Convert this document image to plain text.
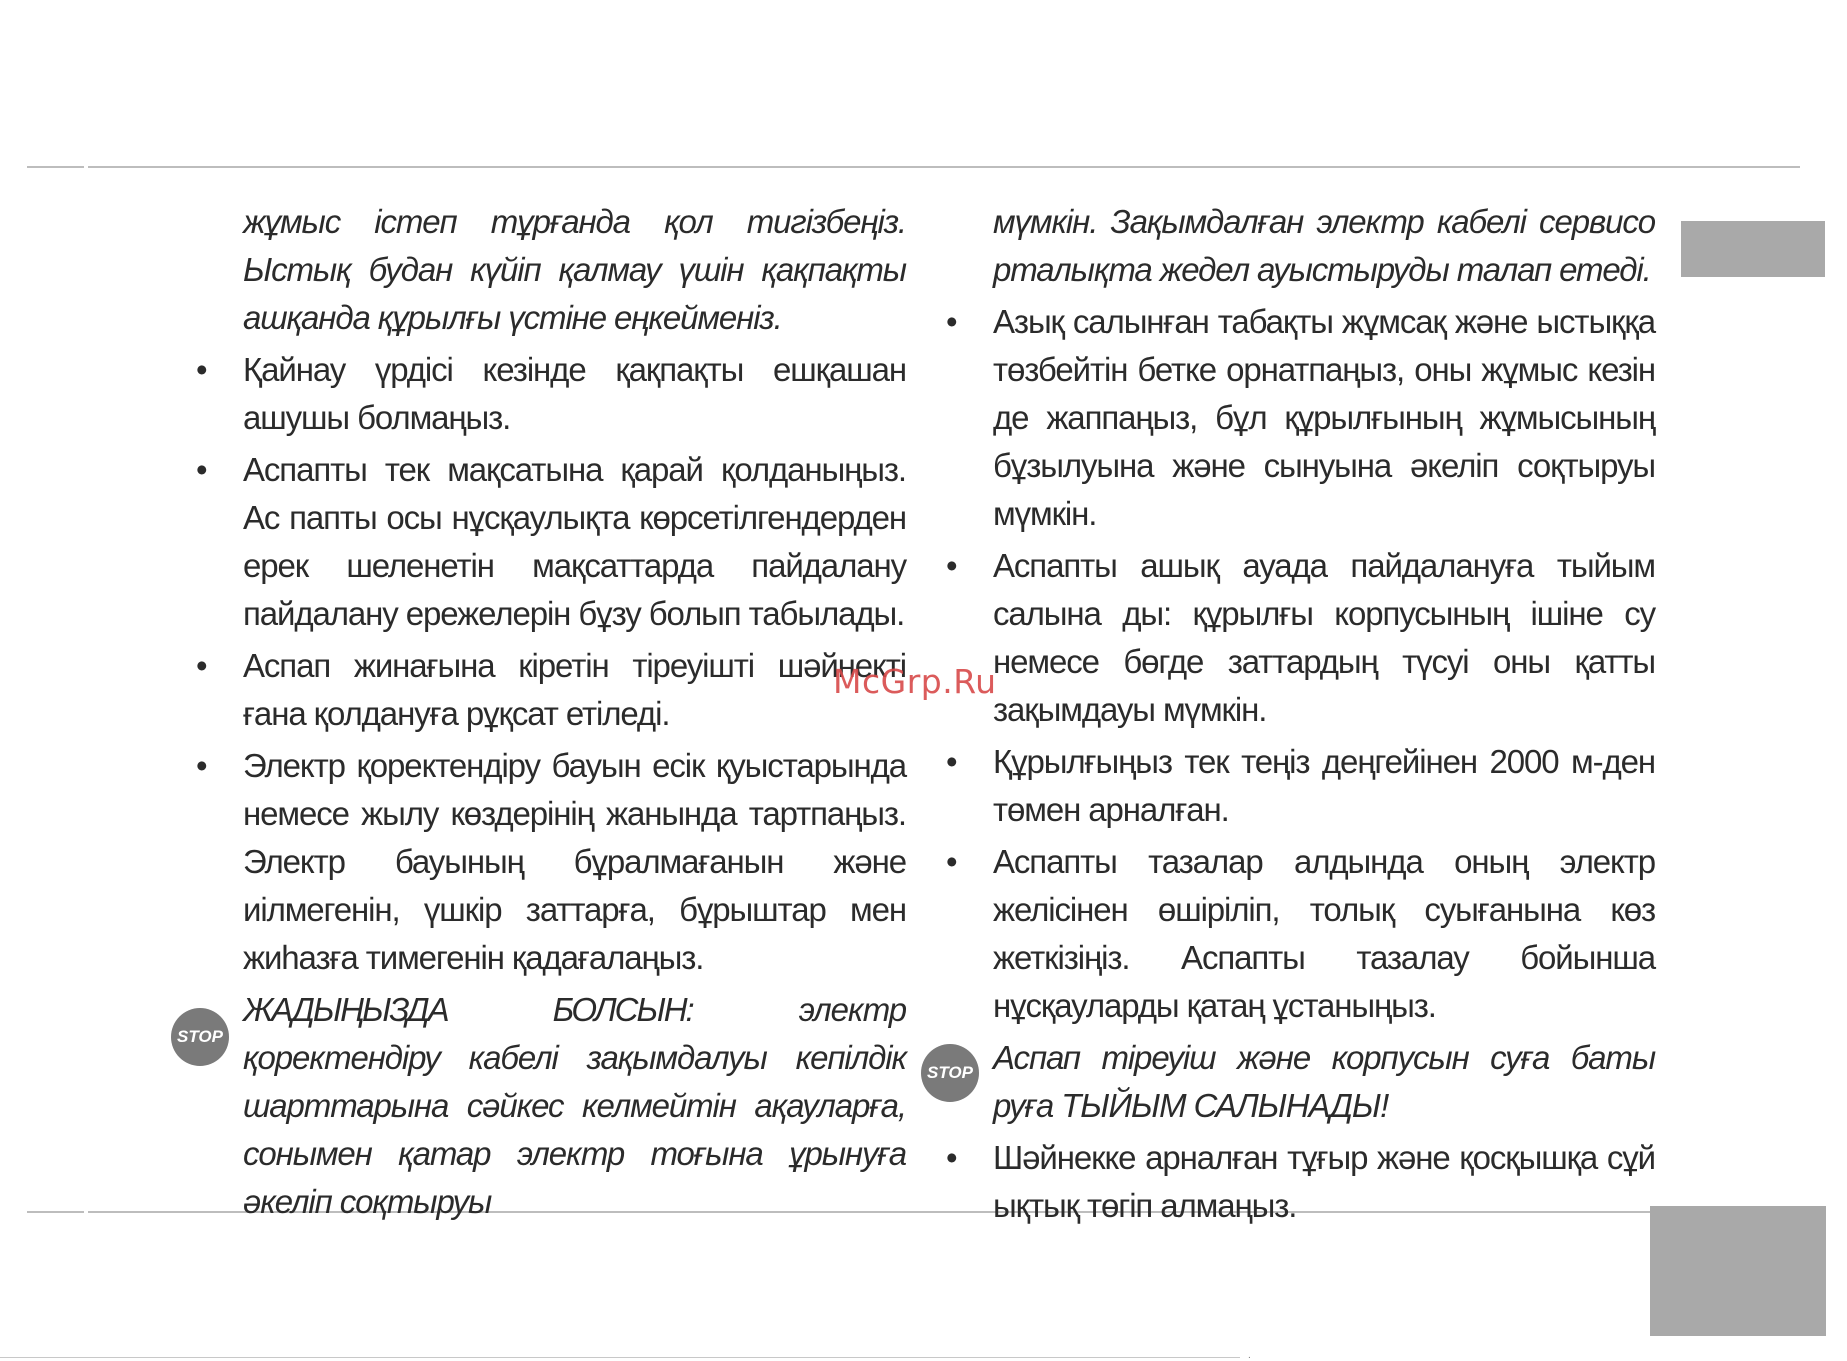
жұмыс істеп тұрғанда қол тигізбеңіз. Ыстық будан күйіп қалмау үшін қақпақты ашқанда құрылғы үстіне еңкейменіз.
• Қайнау үрдісі кезінде қақпақты ешқашан ашушы болмаңыз.
• Аспапты тек мақсатына қарай қолданыңыз. Ас папты осы нұсқаулықта көрсетілгендерден ерек шеленетін мақсаттарда пайдалану пайдалану ережелерін бұзу болып табылады.
• Аспап жинағына кіретін тіреуішті шәйнекті ғана қолдануға рұқсат етіледі.
• Электр қоректендіру бауын есік қуыстарында немесе жылу көздерінің жанында тартпаңыз. Электр бауының бұралмағанын және иілмегенін, үшкір заттарға, бұрыштар мен жиһазға тимегенін қадағалаңыз.
STOP
ЖАДЫҢЫЗДА БОЛСЫН:	электр қоректендіру кабелі зақымдалуы кепілдік шарттарына сәйкес келмейтін ақауларға, сонымен қатар электр тоғына ұрынуға әкеліп соқтыруы
мүмкін. Зақымдалған электр кабелі сервисо рталықта жедел ауыстыруды талап етеді.
• Азық салынған табақты жұмсақ және ыстыққа төзбейтін бетке орнатпаңыз, оны жұмыс кезін де жаппаңыз, бұл құрылғының жұмысының бұзылуына және сынуына әкеліп соқтыруы мүмкін.
• Аспапты ашық ауада пайдалануға тыйым салына ды: құрылғы корпусының ішіне су немесе бөгде заттардың түсуі оны қатты зақымдауы мүмкін.
• Құрылғыңыз тек теңіз деңгейінен 2000 м-ден төмен арналған.
• Аспапты тазалар алдында оның электр желісінен өшіріліп, толық суығанына көз жеткізіңіз. Аспапты тазалау бойынша нұсқауларды қатаң ұстаныңыз.
STOP Аспап тіреуіш және корпусын суға баты руға ТЫЙЫМ САЛЫНАДЫ!
• Шәйнекке арналған тұғыр және қосқышқа сұй ықтық төгіп алмаңыз.
McGrp.Ru
.
